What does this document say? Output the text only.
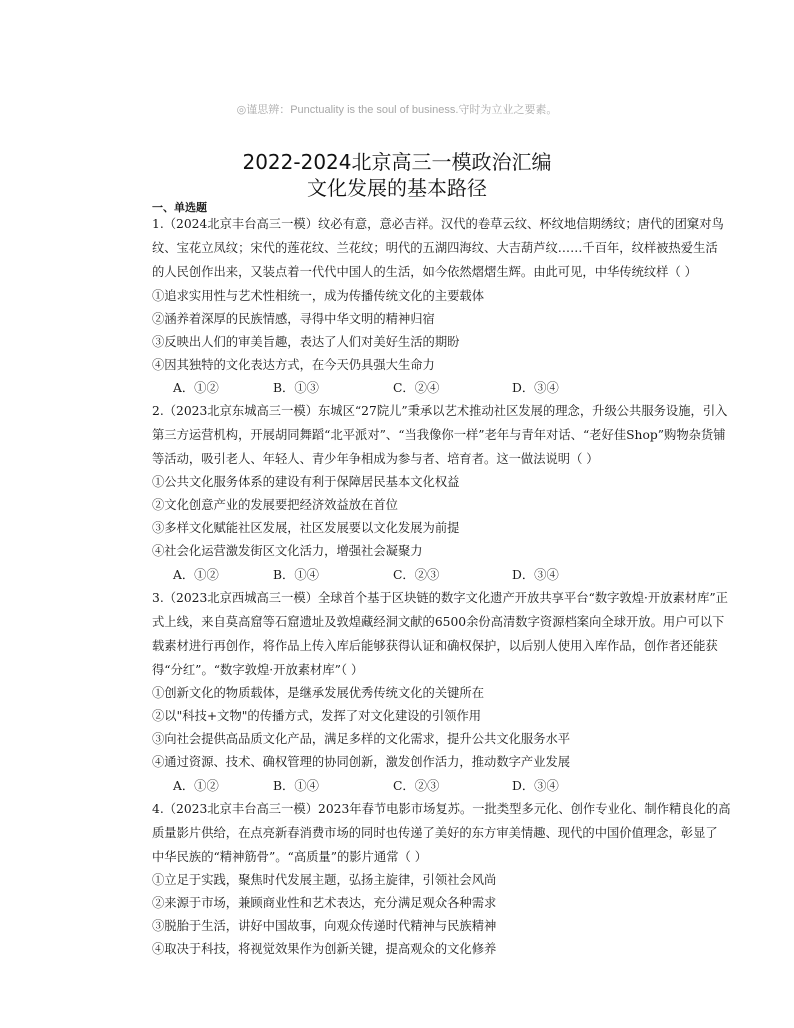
◎谨思辨：Punctuality is the soul of business.守时为立业之要素。
2022-2024北京高三一模政治汇编
文化发展的基本路径
一、单选题
1.（2024北京丰台高三一模）纹必有意，意必吉祥。汉代的卷草云纹、杯纹地信期绣纹；唐代的团窠对鸟
纹、宝花立凤纹；宋代的莲花纹、兰花纹；明代的五湖四海纹、大吉葫芦纹……千百年，纹样被热爱生活
的人民创作出来，又装点着一代代中国人的生活，如今依然熠熠生辉。由此可见，中华传统纹样（ ）
①追求实用性与艺术性相统一，成为传播传统文化的主要载体
②涵养着深厚的民族情感，寻得中华文明的精神归宿
③反映出人们的审美旨趣，表达了人们对美好生活的期盼
④因其独特的文化表达方式，在今天仍具强大生命力
A．①②	B．①③	C．②④	D．③④
2.（2023北京东城高三一模）东城区“27院儿”秉承以艺术推动社区发展的理念，升级公共服务设施，引入
第三方运营机构，开展胡同舞蹈“北平派对”、“当我像你一样”老年与青年对话、“老好佳Shop”购物杂货铺
等活动，吸引老人、年轻人、青少年争相成为参与者、培育者。这一做法说明（ ）
①公共文化服务体系的建设有利于保障居民基本文化权益
②文化创意产业的发展要把经济效益放在首位
③多样文化赋能社区发展，社区发展要以文化发展为前提
④社会化运营激发街区文化活力，增强社会凝聚力
A．①②	B．①④	C．②③	D．③④
3.（2023北京西城高三一模）全球首个基于区块链的数字文化遗产开放共享平台“数字敦煌·开放素材库”正
式上线，来自莫高窟等石窟遗址及敦煌藏经洞文献的6500余份高清数字资源档案向全球开放。用户可以下
载素材进行再创作，将作品上传入库后能够获得认证和确权保护，以后别人使用入库作品，创作者还能获
得“分红”。“数字敦煌·开放素材库”（ ）
①创新文化的物质载体，是继承发展优秀传统文化的关键所在
②以"科技+文物"的传播方式，发挥了对文化建设的引领作用
③向社会提供高品质文化产品，满足多样的文化需求，提升公共文化服务水平
④通过资源、技术、确权管理的协同创新，激发创作活力，推动数字产业发展
A．①②	B．①④	C．②③	D．③④
4.（2023北京丰台高三一模）2023年春节电影市场复苏。一批类型多元化、创作专业化、制作精良化的高
质量影片供给，在点亮新春消费市场的同时也传递了美好的东方审美情趣、现代的中国价值理念，彰显了
中华民族的“精神筋骨”。“高质量”的影片通常（ ）
①立足于实践，聚焦时代发展主题，弘扬主旋律，引领社会风尚
②来源于市场，兼顾商业性和艺术表达，充分满足观众各种需求
③脱胎于生活，讲好中国故事，向观众传递时代精神与民族精神
④取决于科技，将视觉效果作为创新关键，提高观众的文化修养
